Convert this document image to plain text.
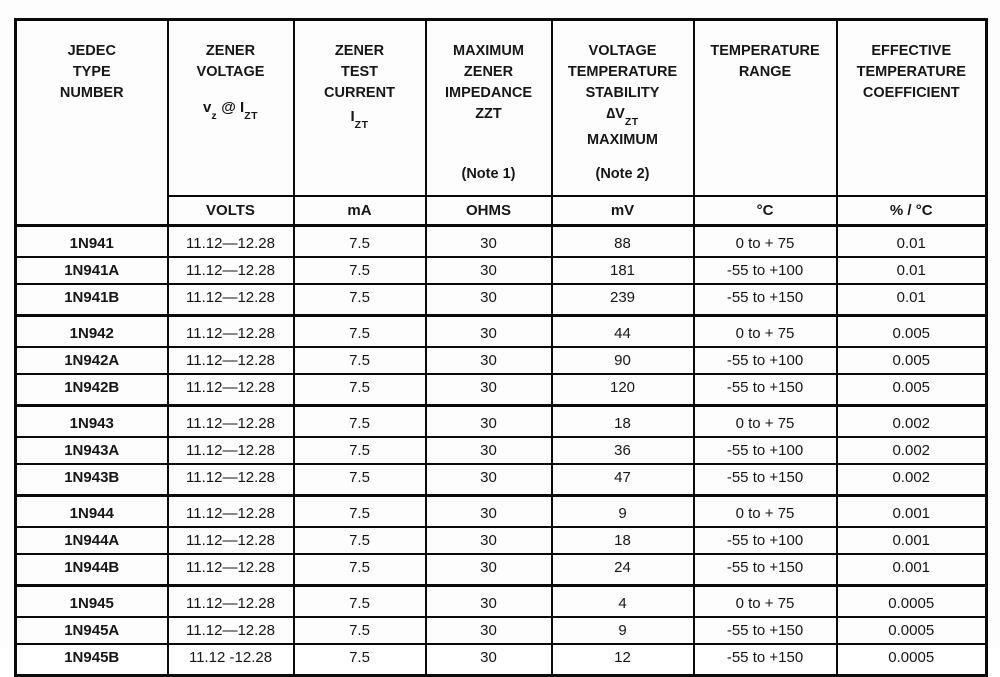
JEDEC
TYPE
NUMBER

ZENER
VOLTAGE
$v_z$ @ $I_{ZT}$

ZENER
TEST
CURRENT
$I_{ZT}$

MAXIMUM
ZENER
IMPEDANCE
ZZT
(Note 1)

VOLTAGE
TEMPERATURE
STABILITY
$\Delta V_{ZT}$
MAXIMUM
(Note 2)

TEMPERATURE
RANGE

EFFECTIVE
TEMPERATURE
COEFFICIENT

	VOLTS	mA	OHMS	mV	°C	% / °C
1N941	11.12—12.28	7.5	30	88	0 to + 75	0.01
1N941A	11.12—12.28	7.5	30	181	-55 to +100	0.01
1N941B	11.12—12.28	7.5	30	239	-55 to +150	0.01
1N942	11.12—12.28	7.5	30	44	0 to + 75	0.005
1N942A	11.12—12.28	7.5	30	90	-55 to +100	0.005
1N942B	11.12—12.28	7.5	30	120	-55 to +150	0.005
1N943	11.12—12.28	7.5	30	18	0 to + 75	0.002
1N943A	11.12—12.28	7.5	30	36	-55 to +100	0.002
1N943B	11.12—12.28	7.5	30	47	-55 to +150	0.002
1N944	11.12—12.28	7.5	30	9	0 to + 75	0.001
1N944A	11.12—12.28	7.5	30	18	-55 to +100	0.001
1N944B	11.12—12.28	7.5	30	24	-55 to +150	0.001
1N945	11.12—12.28	7.5	30	4	0 to + 75	0.0005
1N945A	11.12—12.28	7.5	30	9	-55 to +150	0.0005
1N945B	11.12 -12.28	7.5	30	12	-55 to +150	0.0005
